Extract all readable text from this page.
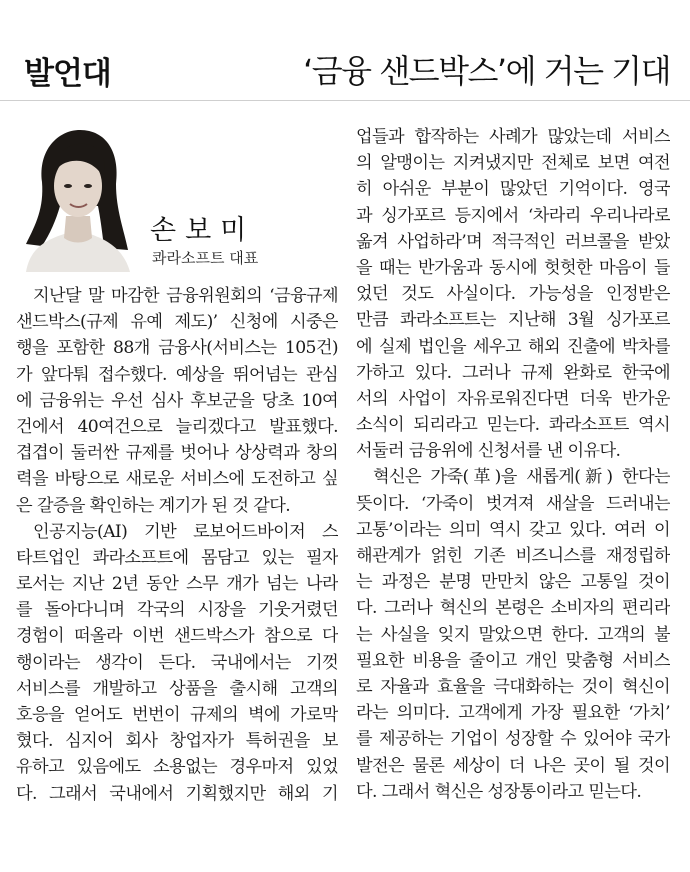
발언대	‘금융 샌드박스’에 거는 기대
손보미
콰라소프트 대표
지난달 말 마감한 금융위원회의 ‘금융규제
샌드박스(규제 유예 제도)’ 신청에 시중은
행을 포함한 88개 금융사(서비스는 105건)
가 앞다퉈 접수했다. 예상을 뛰어넘는 관심
에 금융위는 우선 심사 후보군을 당초 10여
건에서 40여건으로 늘리겠다고 발표했다.
겹겹이 둘러싼 규제를 벗어나 상상력과 창의
력을 바탕으로 새로운 서비스에 도전하고 싶
은 갈증을 확인하는 계기가 된 것 같다.
인공지능(AI) 기반 로보어드바이저 스
타트업인 콰라소프트에 몸담고 있는 필자
로서는 지난 2년 동안 스무 개가 넘는 나라
를 돌아다니며 각국의 시장을 기웃거렸던
경험이 떠올라 이번 샌드박스가 참으로 다
행이라는 생각이 든다. 국내에서는 기껏
서비스를 개발하고 상품을 출시해 고객의
호응을 얻어도 번번이 규제의 벽에 가로막
혔다. 심지어 회사 창업자가 특허권을 보
유하고 있음에도 소용없는 경우마저 있었
다. 그래서 국내에서 기획했지만 해외 기
업들과 합작하는 사례가 많았는데 서비스
의 알맹이는 지켜냈지만 전체로 보면 여전
히 아쉬운 부분이 많았던 기억이다. 영국
과 싱가포르 등지에서 ‘차라리 우리나라로
옮겨 사업하라’며 적극적인 러브콜을 받았
을 때는 반가움과 동시에 헛헛한 마음이 들
었던 것도 사실이다. 가능성을 인정받은
만큼 콰라소프트는 지난해 3월 싱가포르
에 실제 법인을 세우고 해외 진출에 박차를
가하고 있다. 그러나 규제 완화로 한국에
서의 사업이 자유로워진다면 더욱 반가운
소식이 되리라고 믿는다. 콰라소프트 역시
서둘러 금융위에 신청서를 낸 이유다.
혁신은 가죽(革)을 새롭게(新) 한다는
뜻이다. ‘가죽이 벗겨져 새살을 드러내는
고통’이라는 의미 역시 갖고 있다. 여러 이
해관계가 얽힌 기존 비즈니스를 재정립하
는 과정은 분명 만만치 않은 고통일 것이
다. 그러나 혁신의 본령은 소비자의 편리라
는 사실을 잊지 말았으면 한다. 고객의 불
필요한 비용을 줄이고 개인 맞춤형 서비스
로 자율과 효율을 극대화하는 것이 혁신이
라는 의미다. 고객에게 가장 필요한 ‘가치’
를 제공하는 기업이 성장할 수 있어야 국가
발전은 물론 세상이 더 나은 곳이 될 것이
다. 그래서 혁신은 성장통이라고 믿는다.
